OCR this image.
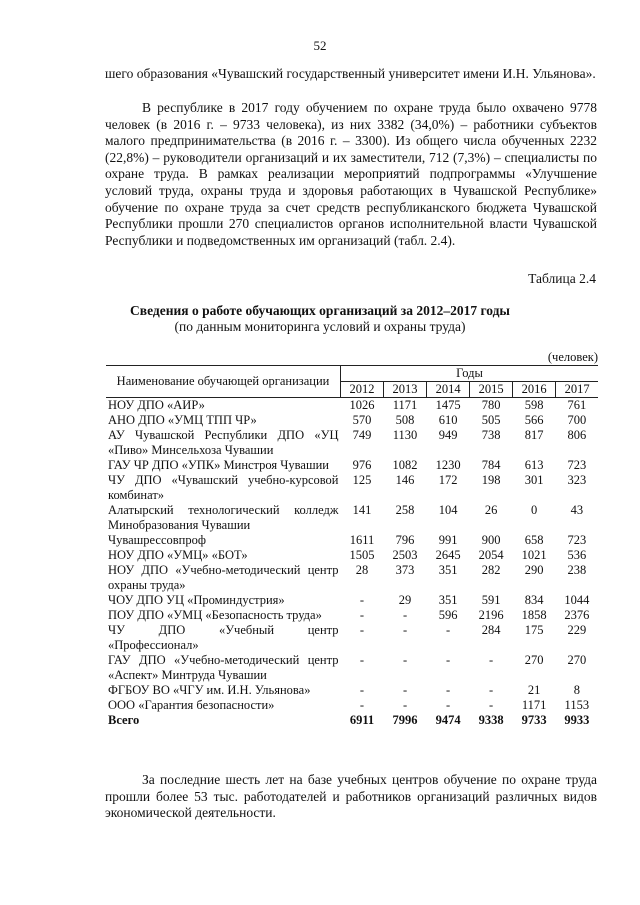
52
шего образования «Чувашский государственный университет имени И.Н. Ульянова».
В республике в 2017 году обучением по охране труда было охвачено 9778 человек (в 2016 г. – 9733 человека), из них 3382 (34,0%) – работники субъектов малого предпринимательства (в 2016 г. – 3300). Из общего числа обученных 2232 (22,8%) – руководители организаций и их заместители, 712 (7,3%) – специалисты по охране труда. В рамках реализации мероприятий подпрограммы «Улучшение условий труда, охраны труда и здоровья работающих в Чувашской Республике» обучение по охране труда за счет средств республиканского бюджета Чувашской Республики прошли 270 специалистов органов исполнительной власти Чувашской Республики и подведомственных им организаций (табл. 2.4).
Таблица 2.4
Сведения о работе обучающих организаций за 2012–2017 годы
(по данным мониторинга условий и охраны труда)
(человек)
Наименование обучающей организации	Годы					
	2012	2013	2014	2015	2016	2017
НОУ ДПО «АИР»	1026	1171	1475	780	598	761
АНО ДПО «УМЦ ТПП ЧР»	570	508	610	505	566	700
АУ Чувашской Республики ДПО «УЦ «Пиво» Минсельхоза Чувашии	749	1130	949	738	817	806
ГАУ ЧР ДПО «УПК» Минстроя Чувашии	976	1082	1230	784	613	723
ЧУ ДПО «Чувашский учебно-курсовой комбинат»	125	146	172	198	301	323
Алатырский технологический колледж Минобразования Чувашии	141	258	104	26	0	43
Чувашрессовпроф	1611	796	991	900	658	723
НОУ ДПО «УМЦ» «БОТ»	1505	2503	2645	2054	1021	536
НОУ ДПО «Учебно-методический центр охраны труда»	28	373	351	282	290	238
ЧОУ ДПО УЦ «Проминдустрия»	-	29	351	591	834	1044
ПОУ ДПО «УМЦ «Безопасность труда»	-	-	596	2196	1858	2376
ЧУ ДПО «Учебный центр «Профессионал»	-	-	-	284	175	229
ГАУ ДПО «Учебно-методический центр «Аспект» Минтруда Чувашии	-	-	-	-	270	270
ФГБОУ ВО «ЧГУ им. И.Н. Ульянова»	-	-	-	-	21	8
ООО «Гарантия безопасности»	-	-	-	-	1171	1153
Всего	6911	7996	9474	9338	9733	9933
За последние шесть лет на базе учебных центров обучение по охране труда прошли более 53 тыс. работодателей и работников организаций различных видов экономической деятельности.
